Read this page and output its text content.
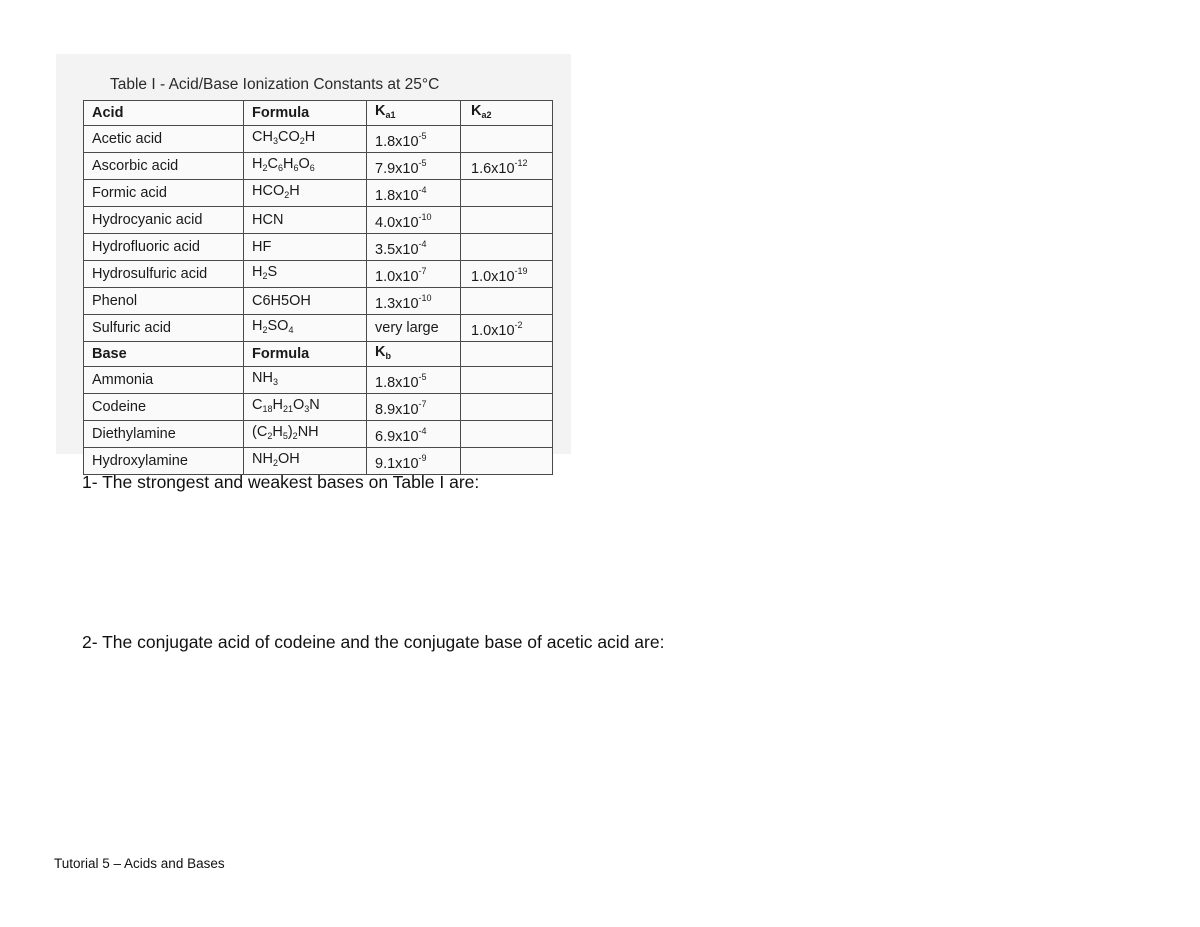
Table I - Acid/Base Ionization Constants at 25°C
Acid	Formula	$K_{a1}$	$K_{a2}$
Acetic acid	$CH_3CO_2H$	$1.8x10^{-5}$	
Ascorbic acid	$H_2C_6H_6O_6$	$7.9x10^{-5}$	$1.6x10^{-12}$
Formic acid	$HCO_2H$	$1.8x10^{-4}$	
Hydrocyanic acid	HCN	$4.0x10^{-10}$	
Hydrofluoric acid	HF	$3.5x10^{-4}$	
Hydrosulfuric acid	$H_2S$	$1.0x10^{-7}$	$1.0x10^{-19}$
Phenol	C6H5OH	$1.3x10^{-10}$	
Sulfuric acid	$H_2SO_4$	very large	$1.0x10^{-2}$
Base	Formula	$K_b$	
Ammonia	$NH_3$	$1.8x10^{-5}$	
Codeine	$C_{18}H_{21}O_3N$	$8.9x10^{-7}$	
Diethylamine	$(C_2H_5)_2NH$	$6.9x10^{-4}$	
Hydroxylamine	$NH_2OH$	$9.1x10^{-9}$	
1- The strongest and weakest bases on Table I are:
2- The conjugate acid of codeine and the conjugate base of acetic acid are:
Tutorial 5 – Acids and Bases
